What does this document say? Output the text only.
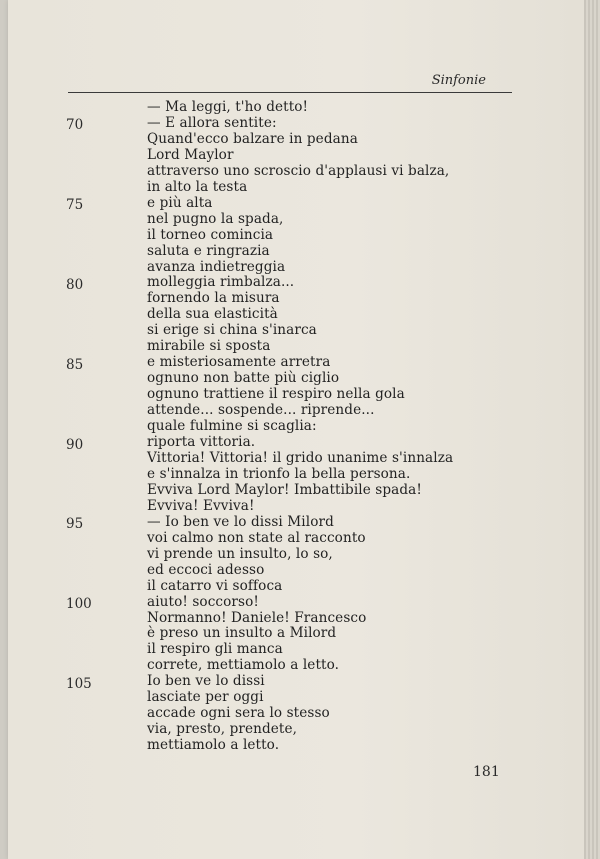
Sinfonie
70
75
80
85
90
95
100
105
— Ma leggi, t'ho detto!
— E allora sentite:
Quand'ecco balzare in pedana
Lord Maylor
attraverso uno scroscio d'applausi vi balza,
in alto la testa
e più alta
nel pugno la spada,
il torneo comincia
saluta e ringrazia
avanza indietreggia
molleggia rimbalza...
fornendo la misura
della sua elasticità
si erige si china s'inarca
mirabile si sposta
e misteriosamente arretra
ognuno non batte più ciglio
ognuno trattiene il respiro nella gola
attende... sospende... riprende...
quale fulmine si scaglia:
riporta vittoria.
Vittoria! Vittoria! il grido unanime s'innalza
e s'innalza in trionfo la bella persona.
Evviva Lord Maylor! Imbattibile spada!
Evviva! Evviva!
— Io ben ve lo dissi Milord
voi calmo non state al racconto
vi prende un insulto, lo so,
ed eccoci adesso
il catarro vi soffoca
aiuto! soccorso!
Normanno! Daniele! Francesco
è preso un insulto a Milord
il respiro gli manca
correte, mettiamolo a letto.
Io ben ve lo dissi
lasciate per oggi
accade ogni sera lo stesso
via, presto, prendete,
mettiamolo a letto.
181
